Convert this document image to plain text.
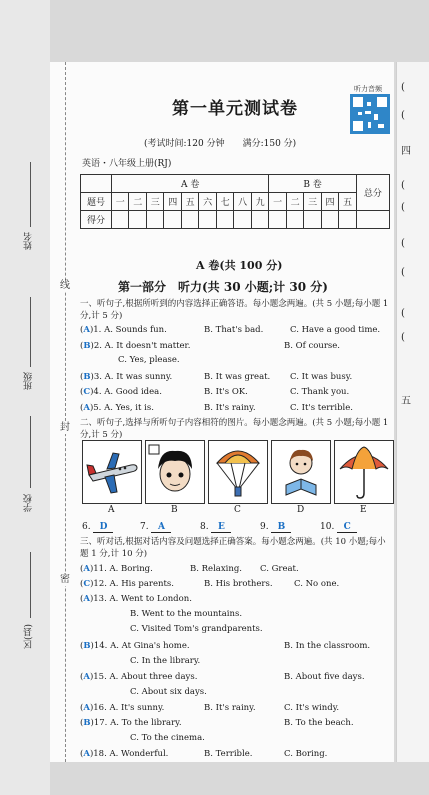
(
(
四
(
(
(
(
(
(
五
线
封
密
姓名
班级
学校
区(县)
第一单元测试卷
听力音频
(考试时间:120 分钟　　满分:150 分)
英语・八年级上册(RJ)
	A 卷									B 卷					总分
题号	一	二	三	四	五	六	七	八	九	一	二	三	四	五	
得分															
A 卷(共 100 分)
第一部分　听力(共 30 小题;计 30 分)
一、听句子,根据所听到的内容选择正确答语。每小题念两遍。(共 5 小题;每小题 1 分,计 5 分)
(A)1. A. Sounds fun.	B. That's bad.	C. Have a good time.
(B)2. A. It doesn't matter.	B. Of course.
C. Yes, please.
(B)3. A. It was sunny.	B. It was great. C. It was busy.
(C)4. A. Good idea.	B. It's OK.	C. Thank you.
(A)5. A. Yes, it is.	B. It's rainy.	C. It's terrible.
二、听句子,选择与所听句子内容相符的图片。每小题念两遍。(共 5 小题;每小题 1 分,计 5 分)
A	B	C	D	E
6. D	7. A	8. E	9. B	10. C
三、听对话,根据对话内容及问题选择正确答案。每小题念两遍。(共 10 小题;每小题 1 分,计 10 分)
(A)11. A. Boring.	B. Relaxing. C. Great.
(C)12. A. His parents.	B. His brothers.	C. No one.
(A)13. A. Went to London.
B. Went to the mountains.
C. Visited Tom's grandparents.
(B)14. A. At Gina's home.	B. In the classroom.
C. In the library.
(A)15. A. About three days.	B. About five days.
C. About six days.
(A)16. A. It's sunny.	B. It's rainy.	C. It's windy.
(B)17. A. To the library.	B. To the beach.
C. To the cinema.
(A)18. A. Wonderful.	B. Terrible.	C. Boring.
